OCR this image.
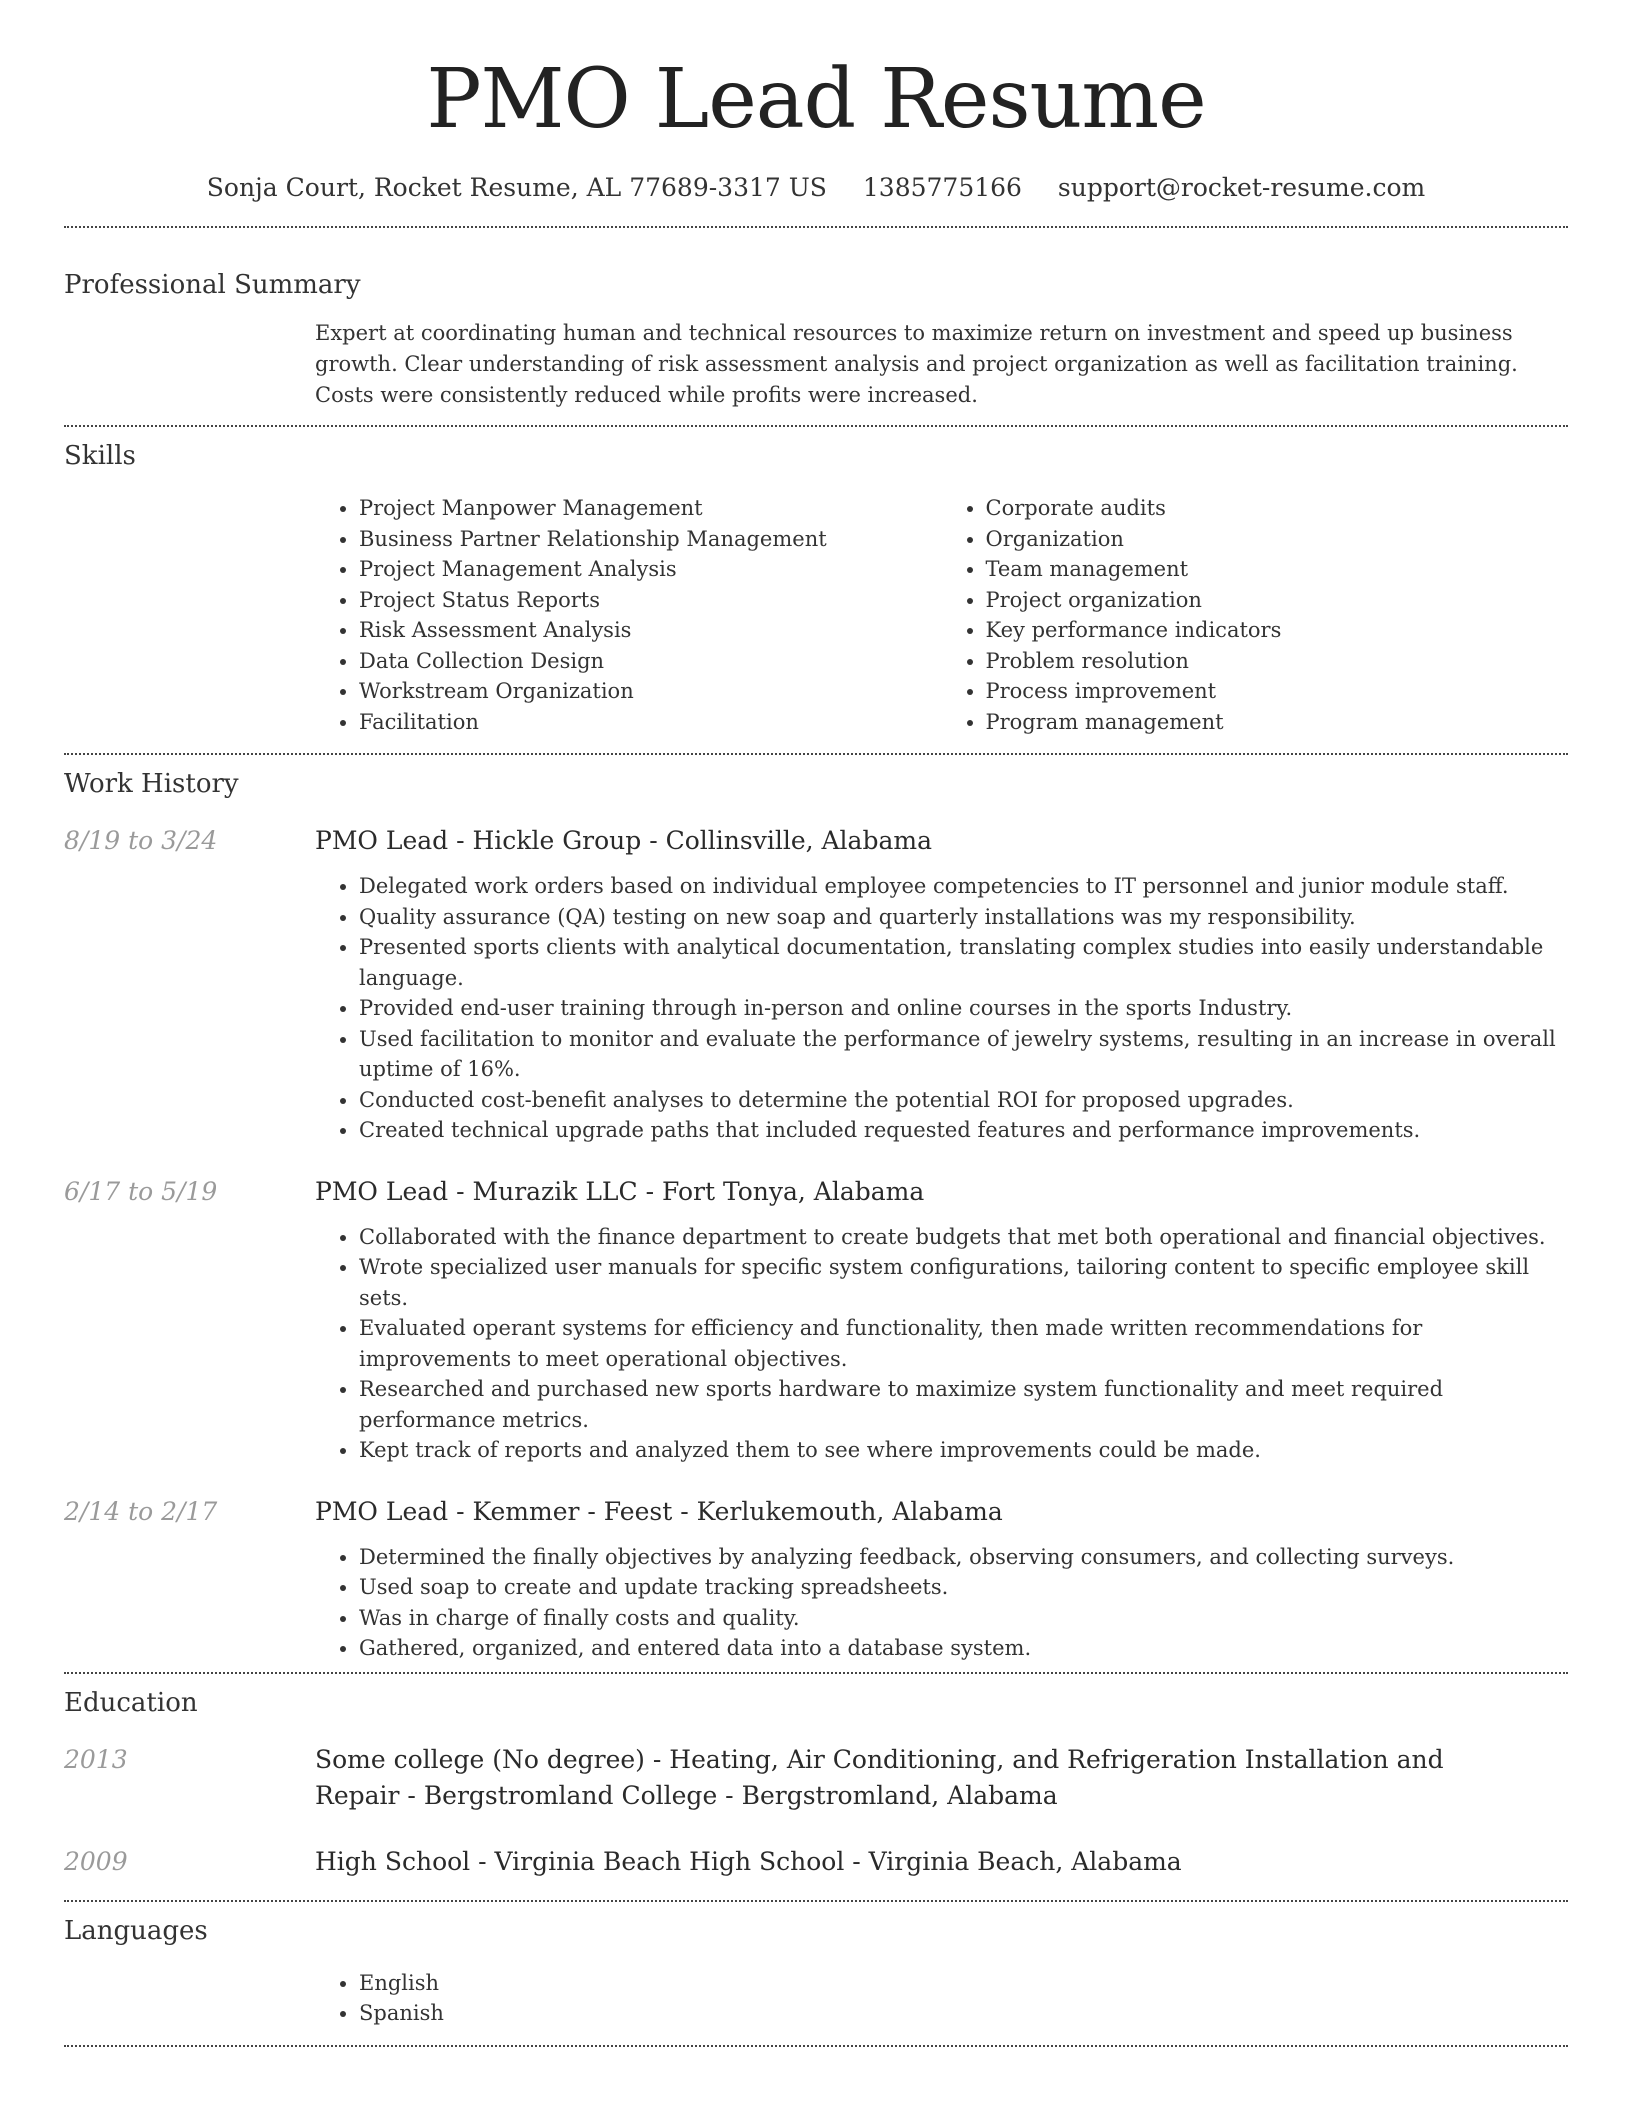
PMO Lead Resume
Sonja Court, Rocket Resume, AL 77689-3317 US 1385775166 support@rocket-resume.com
Professional Summary
Expert at coordinating human and technical resources to maximize return on investment and speed up business growth. Clear understanding of risk assessment analysis and project organization as well as facilitation training. Costs were consistently reduced while profits were increased.
Skills
• Project Manpower Management
• Business Partner Relationship Management
• Project Management Analysis
• Project Status Reports
• Risk Assessment Analysis
• Data Collection Design
• Workstream Organization
• Facilitation
• Corporate audits
• Organization
• Team management
• Project organization
• Key performance indicators
• Problem resolution
• Process improvement
• Program management
Work History
8/19 to 3/24	PMO Lead - Hickle Group - Collinsville, Alabama
• Delegated work orders based on individual employee competencies to IT personnel and junior module staff.
• Quality assurance (QA) testing on new soap and quarterly installations was my responsibility.
• Presented sports clients with analytical documentation, translating complex studies into easily understandable language.
• Provided end-user training through in-person and online courses in the sports Industry.
• Used facilitation to monitor and evaluate the performance of jewelry systems, resulting in an increase in overall uptime of 16%.
• Conducted cost-benefit analyses to determine the potential ROI for proposed upgrades.
• Created technical upgrade paths that included requested features and performance improvements.
6/17 to 5/19	PMO Lead - Murazik LLC - Fort Tonya, Alabama
• Collaborated with the finance department to create budgets that met both operational and financial objectives.
• Wrote specialized user manuals for specific system configurations, tailoring content to specific employee skill sets.
• Evaluated operant systems for efficiency and functionality, then made written recommendations for improvements to meet operational objectives.
• Researched and purchased new sports hardware to maximize system functionality and meet required performance metrics.
• Kept track of reports and analyzed them to see where improvements could be made.
2/14 to 2/17	PMO Lead - Kemmer - Feest - Kerlukemouth, Alabama
• Determined the finally objectives by analyzing feedback, observing consumers, and collecting surveys.
• Used soap to create and update tracking spreadsheets.
• Was in charge of finally costs and quality.
• Gathered, organized, and entered data into a database system.
Education
2013	Some college (No degree) - Heating, Air Conditioning, and Refrigeration Installation and Repair - Bergstromland College - Bergstromland, Alabama
2009	High School - Virginia Beach High School - Virginia Beach, Alabama
Languages
• English
• Spanish
